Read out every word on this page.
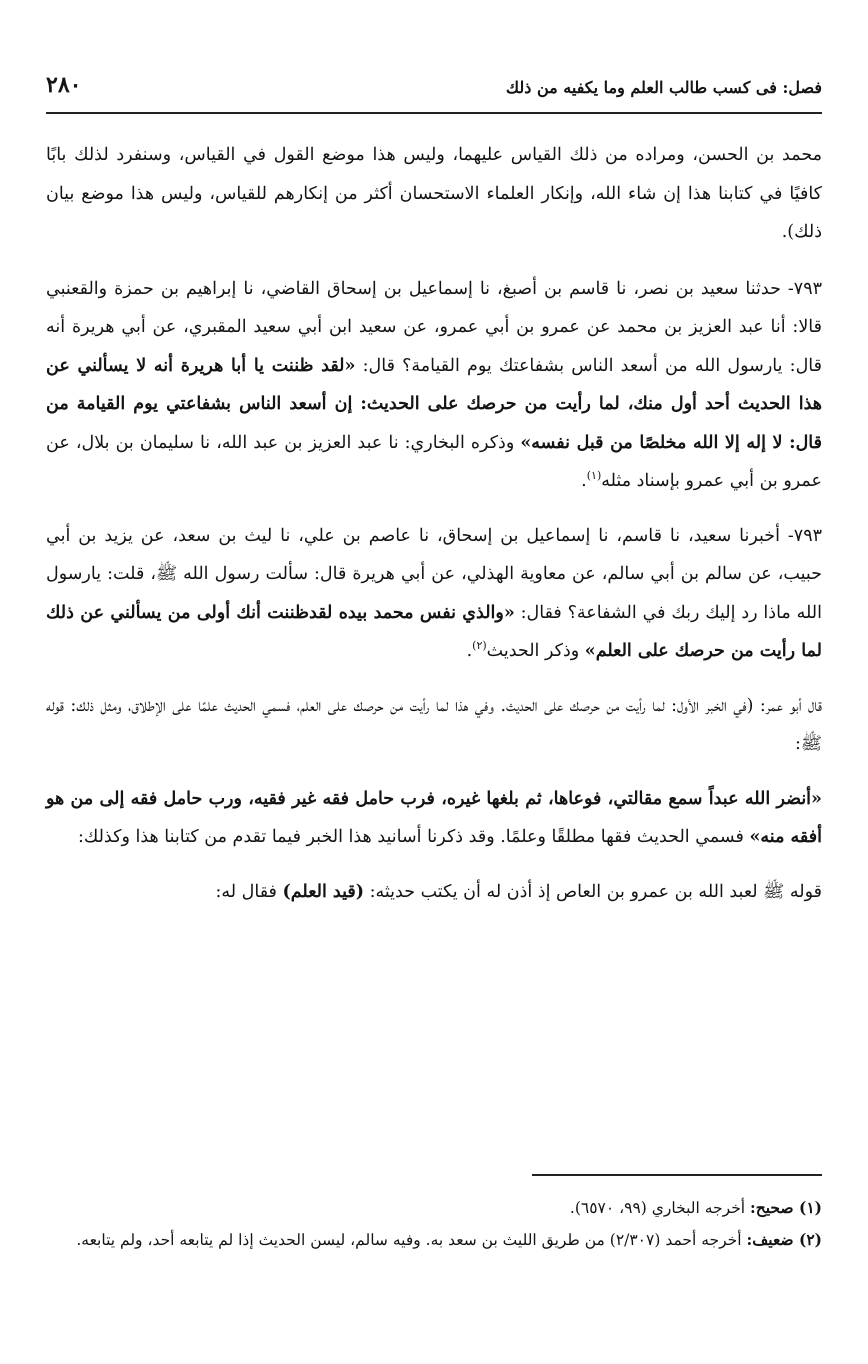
فصل: فى كسب طالب العلم وما يكفيه من ذلك
٢٨٠

محمد بن الحسن، ومراده من ذلك القياس عليهما، وليس هذا موضع القول في القياس، وسنفرد لذلك بابًا كافيًا في كتابنا هذا إن شاء الله، وإنكار العلماء الاستحسان أكثر من إنكارهم للقياس، وليس هذا موضع بيان ذلك).

٧٩٣- حدثنا سعيد بن نصر، نا قاسم بن أصبغ، نا إسماعيل بن إسحاق القاضي، نا إبراهيم بن حمزة والقعنبي قالا: أنا عبد العزيز بن محمد عن عمرو بن أبي عمرو، عن سعيد ابن أبي سعيد المقبري، عن أبي هريرة أنه قال: يارسول الله من أسعد الناس بشفاعتك يوم القيامة؟ قال: «لقد ظننت يا أبا هريرة أنه لا يسألني عن هذا الحديث أحد أول منك، لما رأيت من حرصك على الحديث: إن أسعد الناس بشفاعتي يوم القيامة من قال: لا إله إلا الله مخلصًا من قبل نفسه» وذكره البخاري: نا عبد العزيز بن عبد الله، نا سليمان بن بلال، عن عمرو بن أبي عمرو بإسناد مثله$^{(١)}$.

٧٩٣- أخبرنا سعيد، نا قاسم، نا إسماعيل بن إسحاق، نا عاصم بن علي، نا ليث بن سعد، عن يزيد بن أبي حبيب، عن سالم بن أبي سالم، عن معاوية الهذلي، عن أبي هريرة قال: سألت رسول الله ﷺ، قلت: يارسول الله ماذا رد إليك ربك في الشفاعة؟ فقال: «والذي نفس محمد بيده لقدظننت أنك أولى من يسألني عن ذلك لما رأيت من حرصك على العلم» وذكر الحديث$^{(٢)}$.

قال أبو عمر: (في الخبر الأول: لما رأيت من حرصك على الحديث. وفي هذا لما رأيت من حرصك على العلم، فسمي الحديث علمًا على الإطلاق، ومثل ذلك: قوله ﷺ:

«أنضر الله عبداً سمع مقالتي، فوعاها، ثم بلغها غيره، فرب حامل فقه غير فقيه، ورب حامل فقه إلى من هو أفقه منه» فسمي الحديث فقها مطلقًا وعلمًا. وقد ذكرنا أسانيد هذا الخبر فيما تقدم من كتابنا هذا وكذلك:

قوله ﷺ لعبد الله بن عمرو بن العاص إذ أذن له أن يكتب حديثه: (قيد العلم) فقال له:

(١) صحيح: أخرجه البخاري (٩٩، ٦٥٧٠).

(٢) ضعيف: أخرجه أحمد (٢/٣٠٧) من طريق الليث بن سعد به. وفيه سالم، ليسن الحديث إذا لم يتابعه أحد، ولم يتابعه.
